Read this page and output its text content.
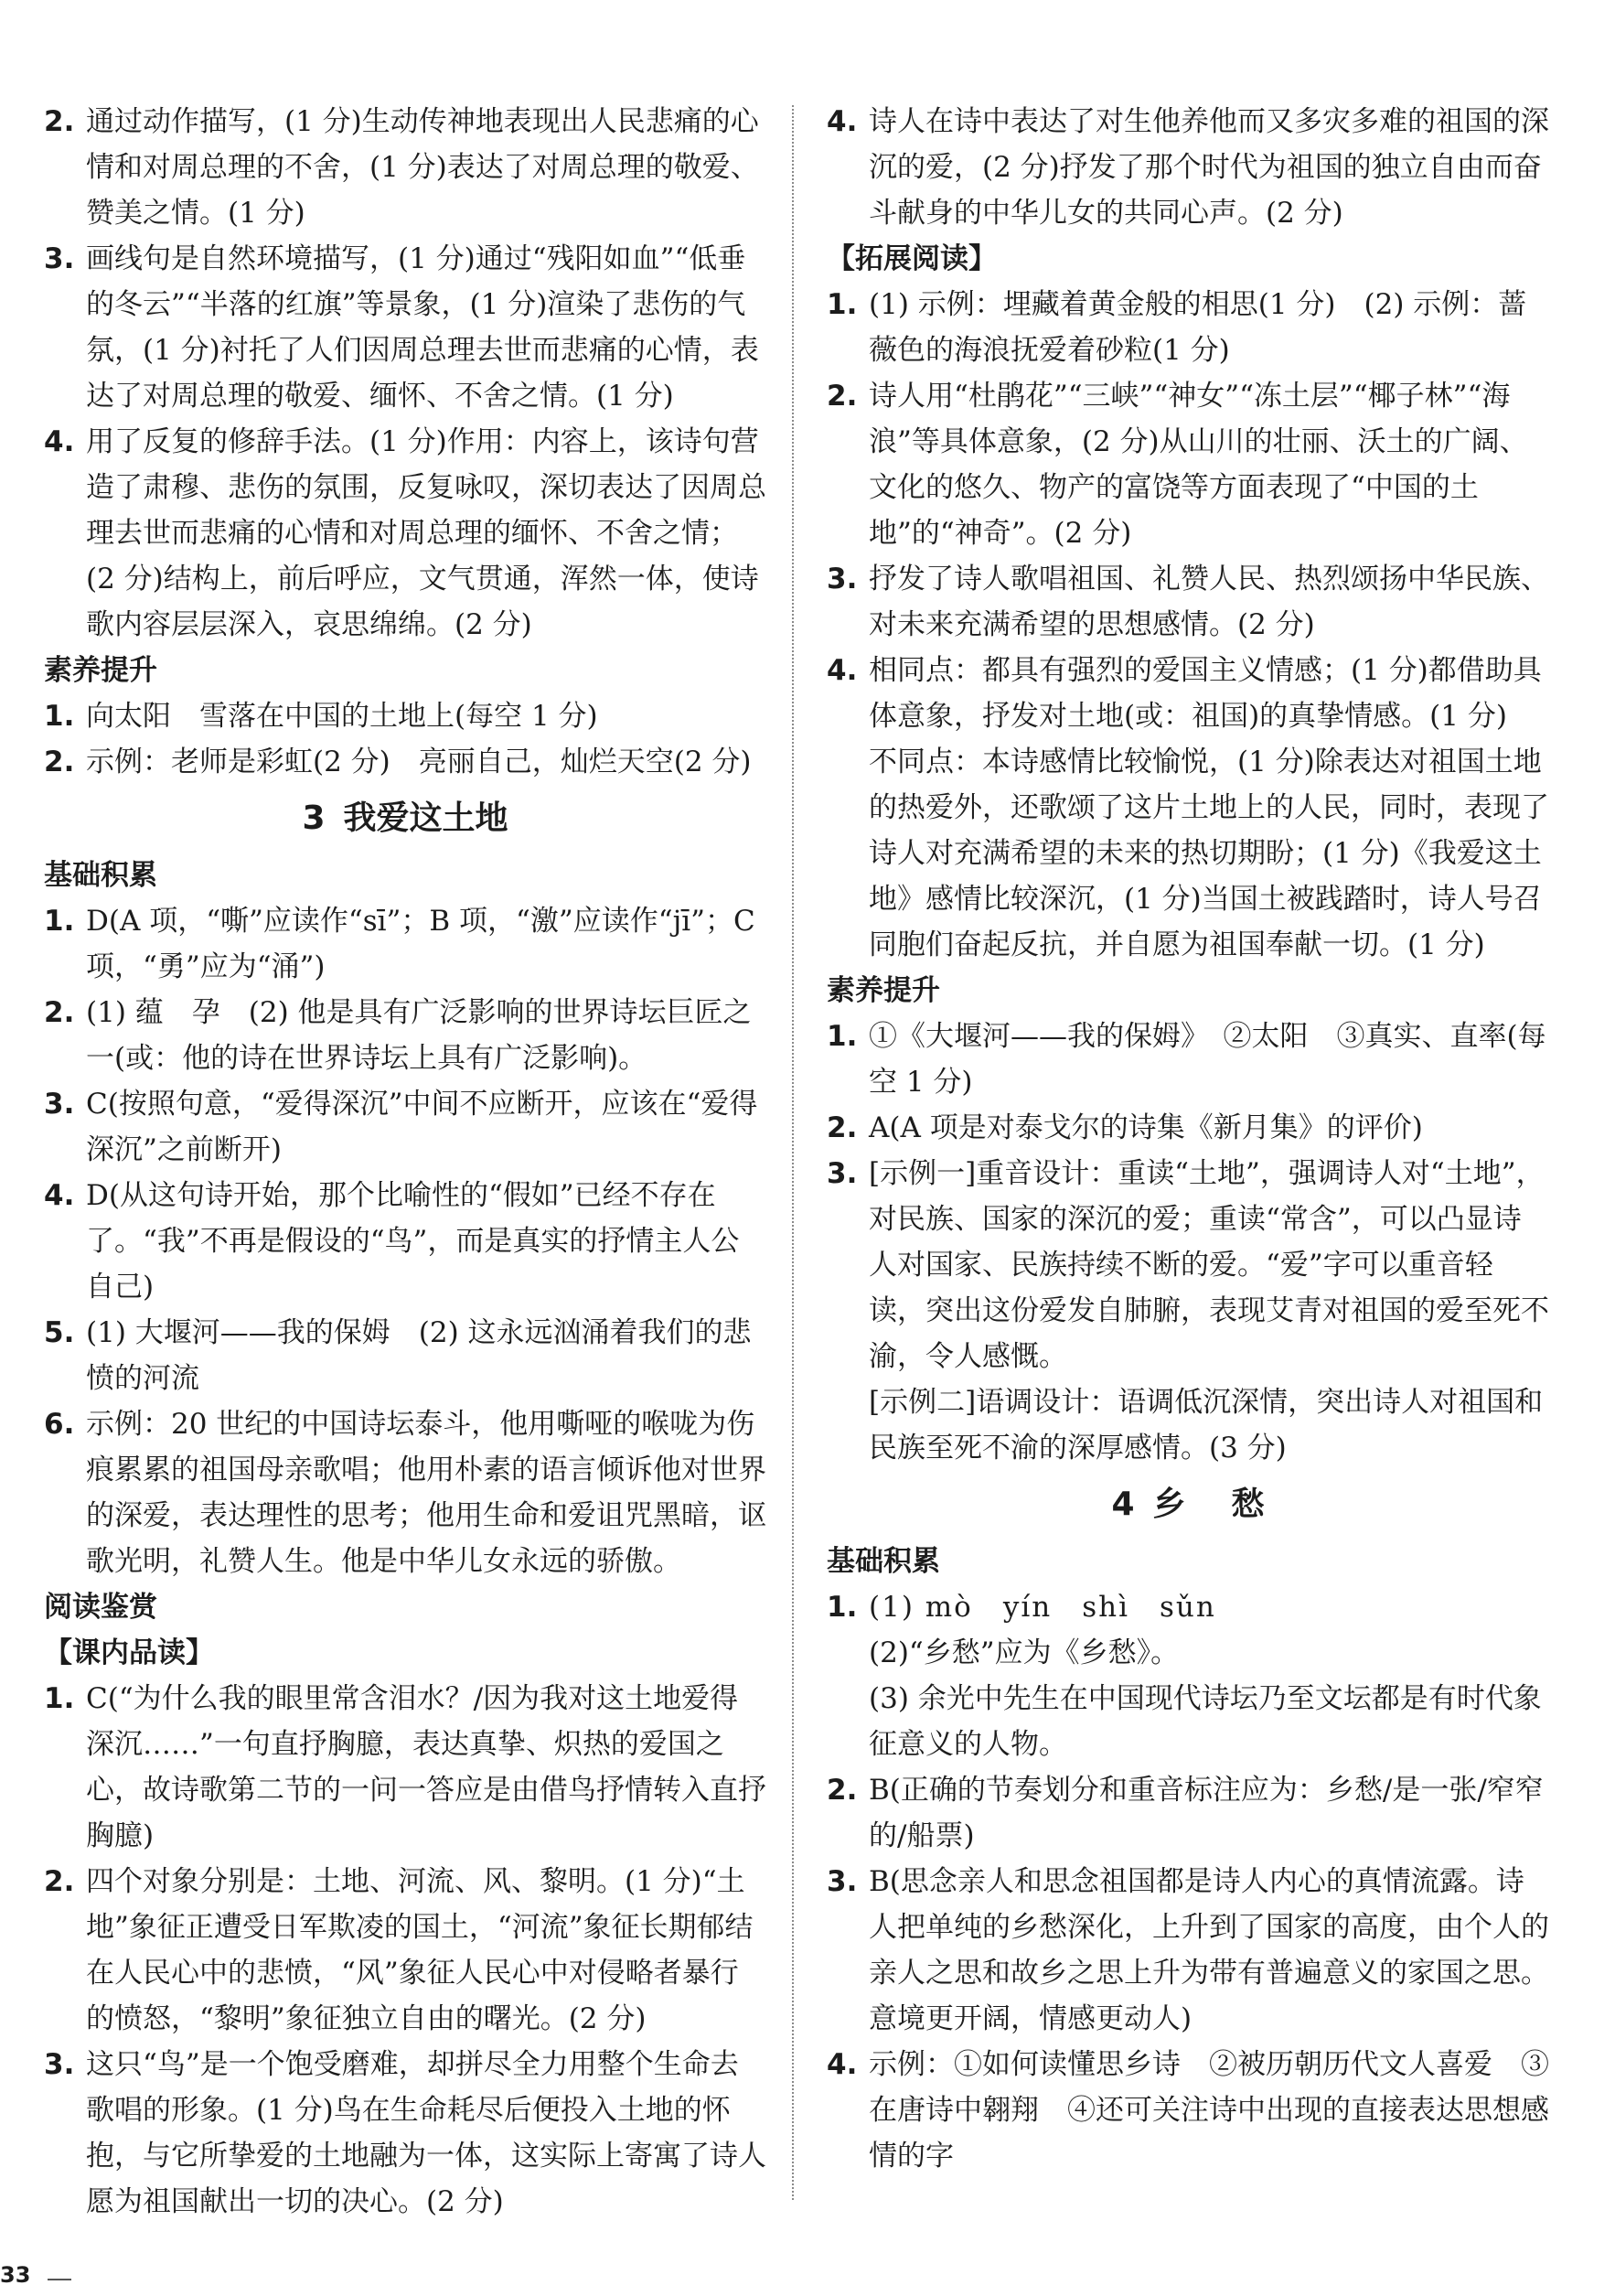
2. 通过动作描写，(1 分)生动传神地表现出人民悲痛的心情和对周总理的不舍，(1 分)表达了对周总理的敬爱、赞美之情。(1 分)

3. 画线句是自然环境描写，(1 分)通过“残阳如血”“低垂的冬云”“半落的红旗”等景象，(1 分)渲染了悲伤的气氛，(1 分)衬托了人们因周总理去世而悲痛的心情，表达了对周总理的敬爱、缅怀、不舍之情。(1 分)

4. 用了反复的修辞手法。(1 分)作用：内容上，该诗句营造了肃穆、悲伤的氛围，反复咏叹，深切表达了因周总理去世而悲痛的心情和对周总理的缅怀、不舍之情；(2 分)结构上，前后呼应，文气贯通，浑然一体，使诗歌内容层层深入，哀思绵绵。(2 分)

素养提升

1. 向太阳　雪落在中国的土地上(每空 1 分)

2. 示例：老师是彩虹(2 分)　亮丽自己，灿烂天空(2 分)

3 我爱这土地

基础积累

1. D(A 项，“嘶”应读作“sī”；B 项，“激”应读作“jī”；C 项，“勇”应为“涌”)

2. (1) 蕴　孕　(2) 他是具有广泛影响的世界诗坛巨匠之一(或：他的诗在世界诗坛上具有广泛影响)。

3. C(按照句意，“爱得深沉”中间不应断开，应该在“爱得深沉”之前断开)

4. D(从这句诗开始，那个比喻性的“假如”已经不存在了。“我”不再是假设的“鸟”，而是真实的抒情主人公自己)

5. (1) 大堰河——我的保姆　(2) 这永远汹涌着我们的悲愤的河流

6. 示例：20 世纪的中国诗坛泰斗，他用嘶哑的喉咙为伤痕累累的祖国母亲歌唱；他用朴素的语言倾诉他对世界的深爱，表达理性的思考；他用生命和爱诅咒黑暗，讴歌光明，礼赞人生。他是中华儿女永远的骄傲。

阅读鉴赏

【课内品读】

1. C(“为什么我的眼里常含泪水？/因为我对这土地爱得深沉……”一句直抒胸臆，表达真挚、炽热的爱国之心，故诗歌第二节的一问一答应是由借鸟抒情转入直抒胸臆)

2. 四个对象分别是：土地、河流、风、黎明。(1 分)“土地”象征正遭受日军欺凌的国土，“河流”象征长期郁结在人民心中的悲愤，“风”象征人民心中对侵略者暴行的愤怒，“黎明”象征独立自由的曙光。(2 分)

3. 这只“鸟”是一个饱受磨难，却拼尽全力用整个生命去歌唱的形象。(1 分)鸟在生命耗尽后便投入土地的怀抱，与它所挚爱的土地融为一体，这实际上寄寓了诗人愿为祖国献出一切的决心。(2 分)

4. 诗人在诗中表达了对生他养他而又多灾多难的祖国的深沉的爱，(2 分)抒发了那个时代为祖国的独立自由而奋斗献身的中华儿女的共同心声。(2 分)

【拓展阅读】

1. (1) 示例：埋藏着黄金般的相思(1 分)　(2) 示例：蔷薇色的海浪抚爱着砂粒(1 分)

2. 诗人用“杜鹃花”“三峡”“神女”“冻土层”“椰子林”“海浪”等具体意象，(2 分)从山川的壮丽、沃土的广阔、文化的悠久、物产的富饶等方面表现了“中国的土地”的“神奇”。(2 分)

3. 抒发了诗人歌唱祖国、礼赞人民、热烈颂扬中华民族、对未来充满希望的思想感情。(2 分)

4. 相同点：都具有强烈的爱国主义情感；(1 分)都借助具体意象，抒发对土地(或：祖国)的真挚情感。(1 分)

不同点：本诗感情比较愉悦，(1 分)除表达对祖国土地的热爱外，还歌颂了这片土地上的人民，同时，表现了诗人对充满希望的未来的热切期盼；(1 分)《我爱这土地》感情比较深沉，(1 分)当国土被践踏时，诗人号召同胞们奋起反抗，并自愿为祖国奉献一切。(1 分)

素养提升

1. ①《大堰河——我的保姆》　②太阳　③真实、直率(每空 1 分)

2. A(A 项是对泰戈尔的诗集《新月集》的评价)

3. [示例一]重音设计：重读“土地”，强调诗人对“土地”，对民族、国家的深沉的爱；重读“常含”，可以凸显诗人对国家、民族持续不断的爱。“爱”字可以重音轻读，突出这份爱发自肺腑，表现艾青对祖国的爱至死不渝，令人感慨。

[示例二]语调设计：语调低沉深情，突出诗人对祖国和民族至死不渝的深厚感情。(3 分)

4 乡 愁

基础积累

1. (1) mò　yín　shì　sǔn

(2)“乡愁”应为《乡愁》。

(3) 余光中先生在中国现代诗坛乃至文坛都是有时代象征意义的人物。

2. B(正确的节奏划分和重音标注应为：乡愁/是一张/窄窄的/船票)

3. B(思念亲人和思念祖国都是诗人内心的真情流露。诗人把单纯的乡愁深化，上升到了国家的高度，由个人的亲人之思和故乡之思上升为带有普遍意义的家国之思。意境更开阔，情感更动人)

4. 示例：①如何读懂思乡诗　②被历朝历代文人喜爱　③在唐诗中翱翔　④还可关注诗中出现的直接表达思想感情的字

33
